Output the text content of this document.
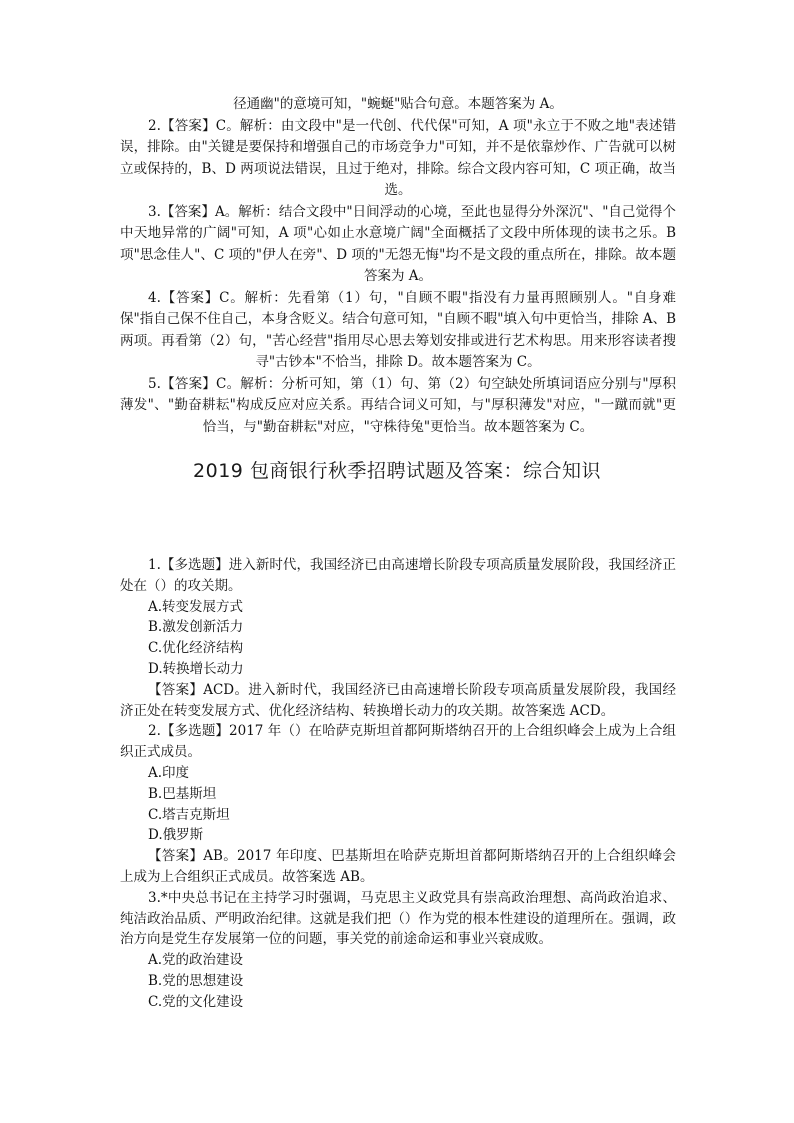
径通幽"的意境可知，"蜿蜒"贴合句意。本题答案为 A。

2.【答案】C。解析：由文段中"是一代创、代代保"可知，A 项"永立于不败之地"表述错误，排除。由"关键是要保持和增强自己的市场竞争力"可知，并不是依靠炒作、广告就可以树立或保持的，B、D 两项说法错误，且过于绝对，排除。综合文段内容可知，C 项正确，故当选。

3.【答案】A。解析：结合文段中"日间浮动的心境，至此也显得分外深沉"、"自己觉得个中天地异常的广阔"可知，A 项"心如止水意境广阔"全面概括了文段中所体现的读书之乐。B 项"思念佳人"、C 项的"伊人在旁"、D 项的"无怨无悔"均不是文段的重点所在，排除。故本题答案为 A。

4.【答案】C。解析：先看第（1）句，"自顾不暇"指没有力量再照顾别人。"自身难保"指自己保不住自己，本身含贬义。结合句意可知，"自顾不暇"填入句中更恰当，排除 A、B 两项。再看第（2）句，"苦心经营"指用尽心思去筹划安排或进行艺术构思。用来形容读者搜寻"古钞本"不恰当，排除 D。故本题答案为 C。

5.【答案】C。解析：分析可知，第（1）句、第（2）句空缺处所填词语应分别与"厚积薄发"、"勤奋耕耘"构成反应对应关系。再结合词义可知，与"厚积薄发"对应，"一蹴而就"更恰当，与"勤奋耕耘"对应，"守株待兔"更恰当。故本题答案为 C。

2019 包商银行秋季招聘试题及答案：综合知识

1.【多选题】进入新时代，我国经济已由高速增长阶段专项高质量发展阶段，我国经济正处在（）的攻关期。

A.转变发展方式

B.激发创新活力

C.优化经济结构

D.转换增长动力

【答案】ACD。进入新时代，我国经济已由高速增长阶段专项高质量发展阶段，我国经济正处在转变发展方式、优化经济结构、转换增长动力的攻关期。故答案选 ACD。

2.【多选题】2017 年（）在哈萨克斯坦首都阿斯塔纳召开的上合组织峰会上成为上合组织正式成员。

A.印度

B.巴基斯坦

C.塔吉克斯坦

D.俄罗斯

【答案】AB。2017 年印度、巴基斯坦在哈萨克斯坦首都阿斯塔纳召开的上合组织峰会上成为上合组织正式成员。故答案选 AB。

3.*中央总书记在主持学习时强调，马克思主义政党具有崇高政治理想、高尚政治追求、纯洁政治品质、严明政治纪律。这就是我们把（）作为党的根本性建设的道理所在。强调，政治方向是党生存发展第一位的问题，事关党的前途命运和事业兴衰成败。

A.党的政治建设

B.党的思想建设

C.党的文化建设
